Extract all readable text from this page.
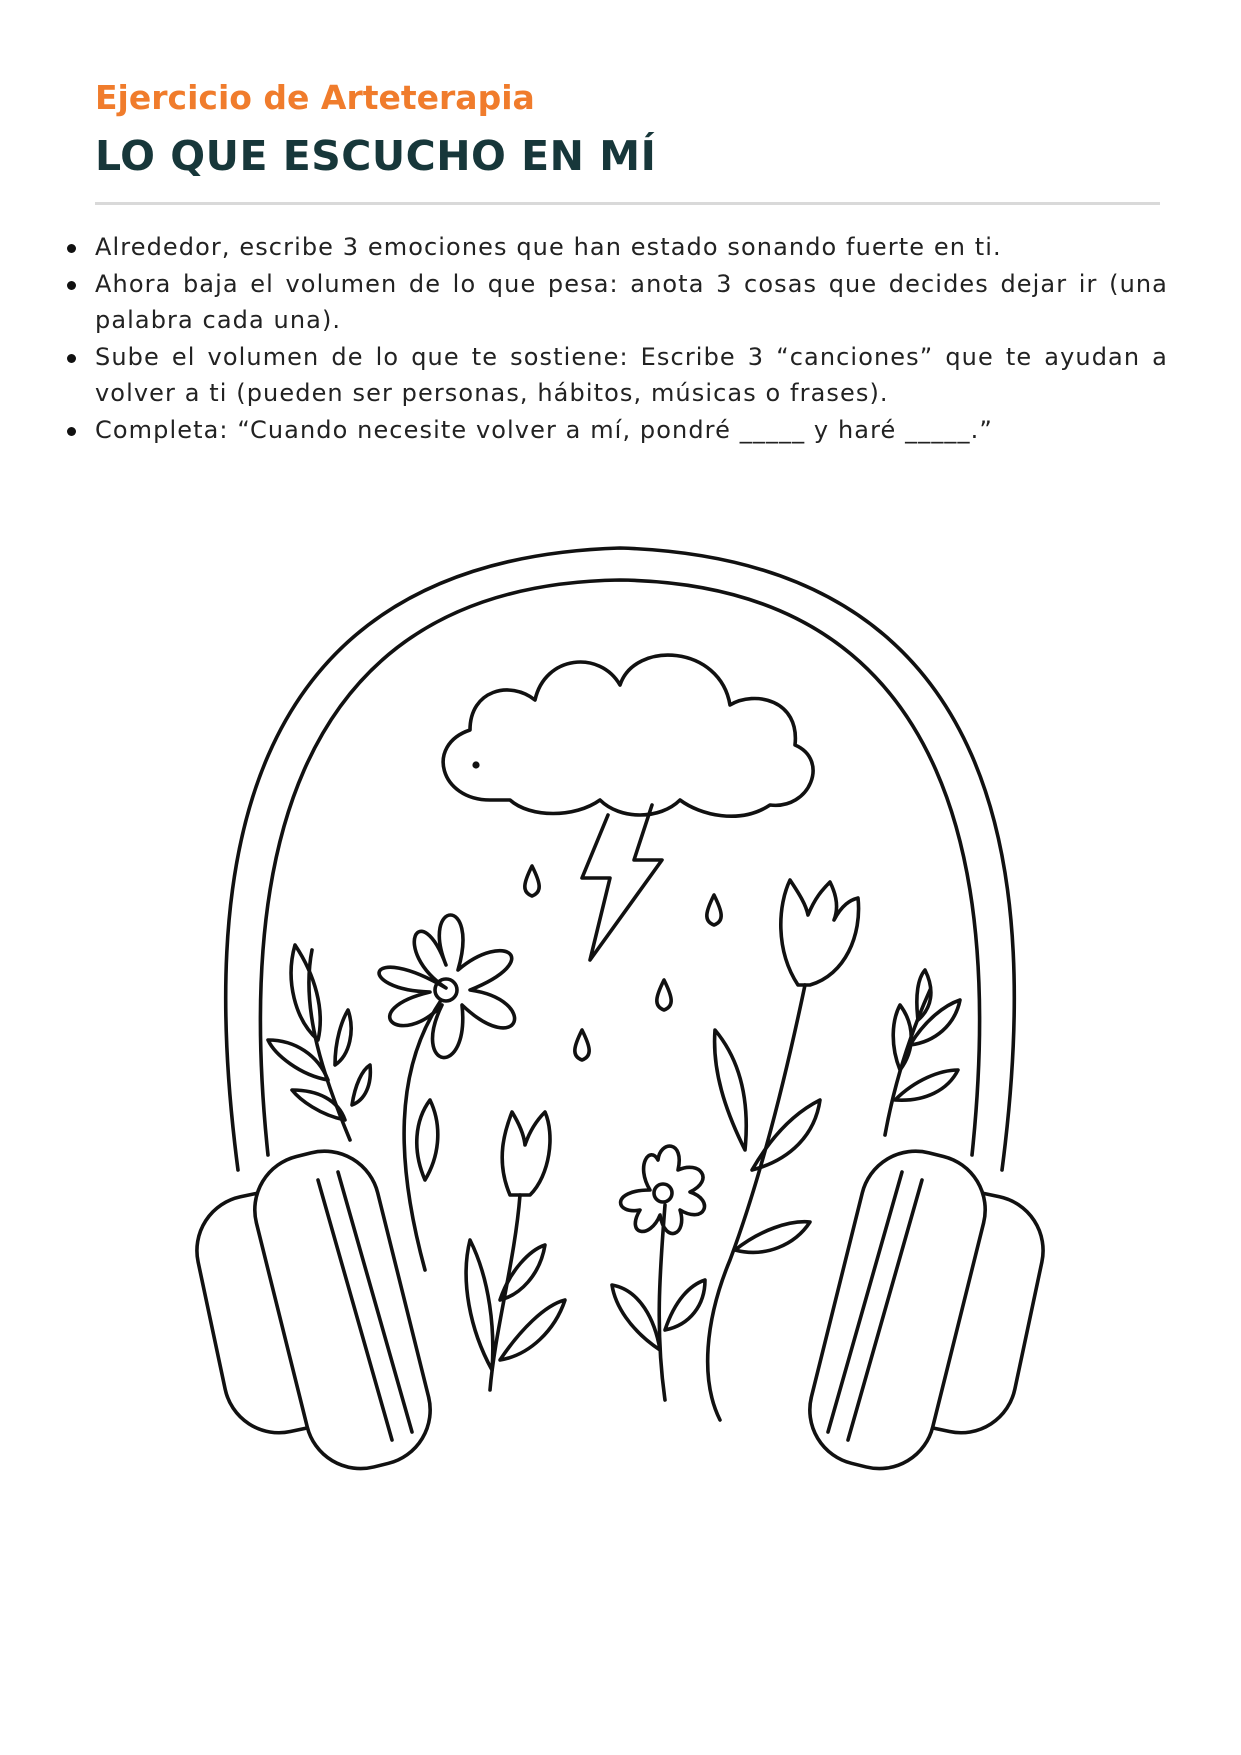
Ejercicio de Arteterapia
LO QUE ESCUCHO EN MÍ
Alrededor, escribe 3 emociones que han estado sonando fuerte en ti.
Ahora baja el volumen de lo que pesa: anota 3 cosas que decides dejar ir (una palabra cada una).
Sube el volumen de lo que te sostiene: Escribe 3 “canciones” que te ayudan a volver a ti (pueden ser personas, hábitos, músicas o frases).
Completa: “Cuando necesite volver a mí, pondré _____ y haré _____.”
